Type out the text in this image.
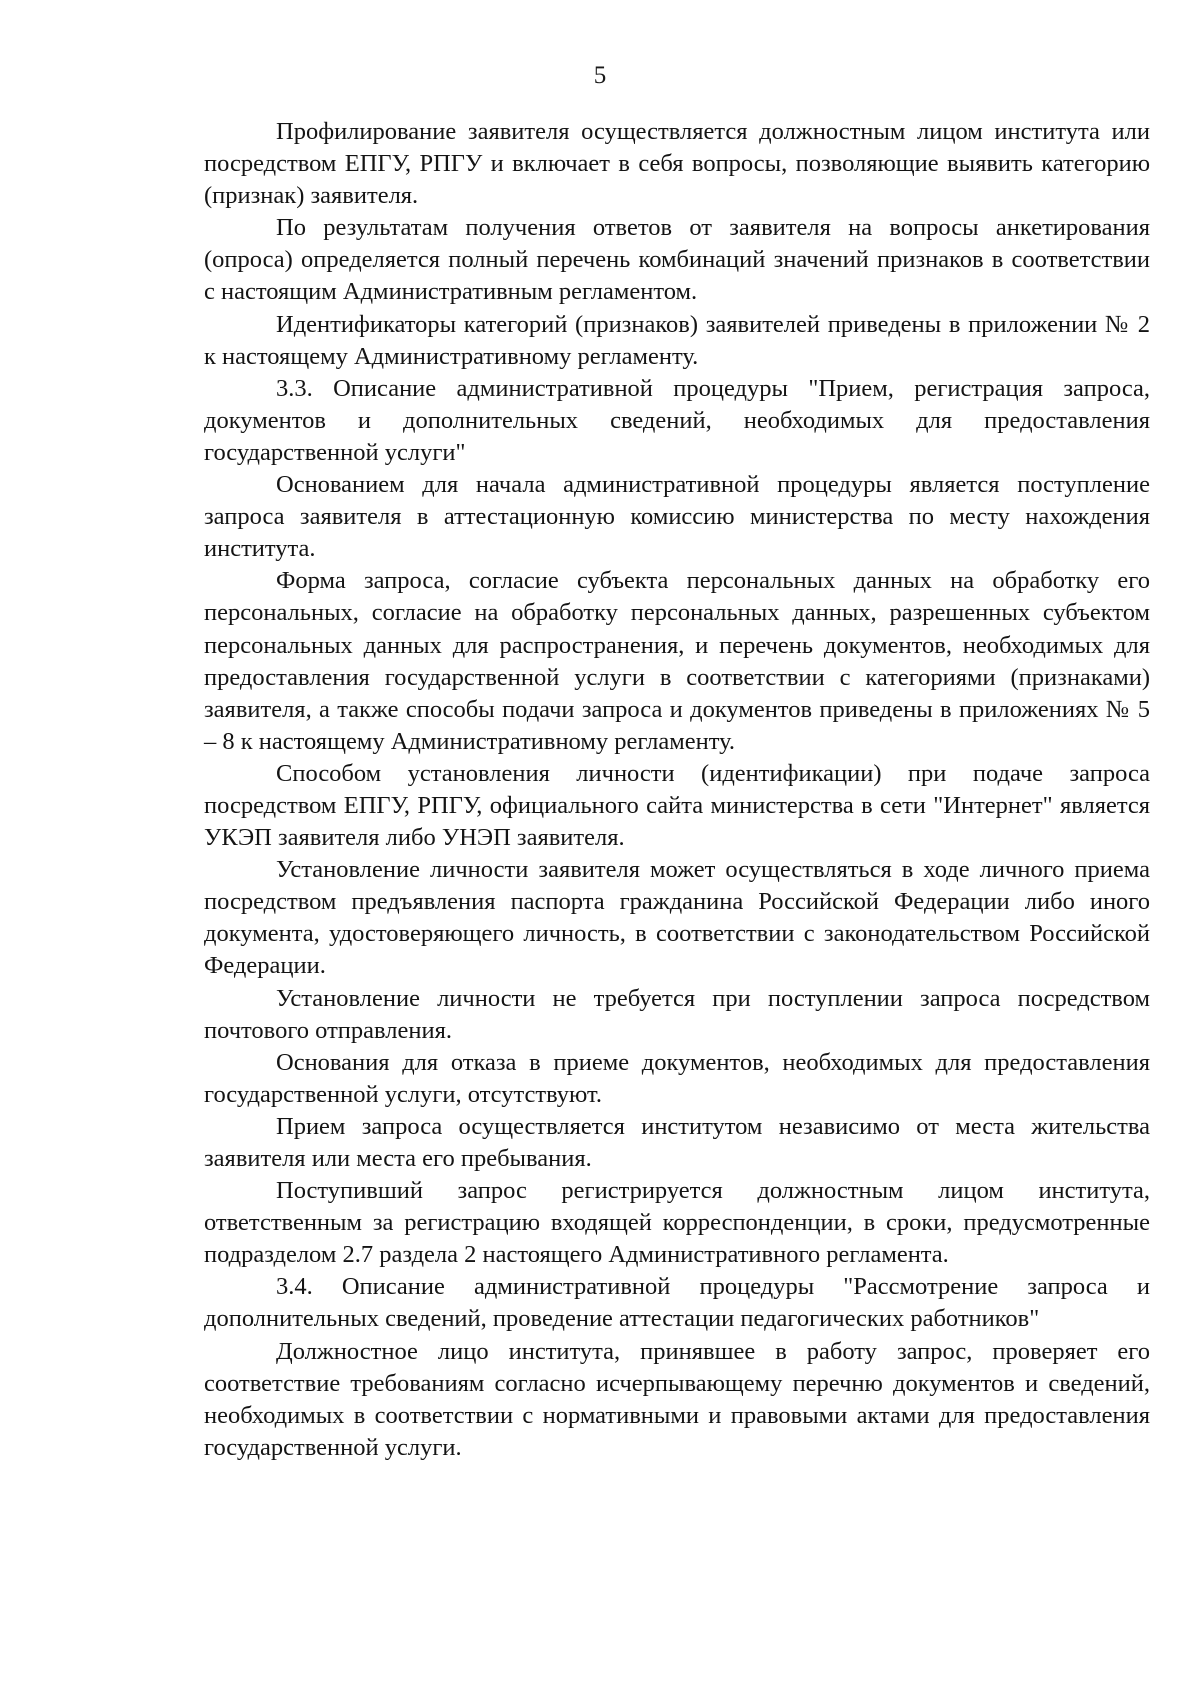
5

Профилирование заявителя осуществляется должностным лицом института или посредством ЕПГУ, РПГУ и включает в себя вопросы, позволяющие выявить категорию (признак) заявителя.

По результатам получения ответов от заявителя на вопросы анкетирования (опроса) определяется полный перечень комбинаций значений признаков в соответствии с настоящим Административным регламентом.

Идентификаторы категорий (признаков) заявителей приведены в приложении № 2 к настоящему Административному регламенту.

3.3. Описание административной процедуры "Прием, регистрация запроса, документов и дополнительных сведений, необходимых для предоставления государственной услуги"

Основанием для начала административной процедуры является поступление запроса заявителя в аттестационную комиссию министерства по месту нахождения института.

Форма запроса, согласие субъекта персональных данных на обработку его персональных, согласие на обработку персональных данных, разрешенных субъектом персональных данных для распространения, и перечень документов, необходимых для предоставления государственной услуги в соответствии с категориями (признаками) заявителя, а также способы подачи запроса и документов приведены в приложениях № 5 – 8 к настоящему Административному регламенту.

Способом установления личности (идентификации) при подаче запроса посредством ЕПГУ, РПГУ, официального сайта министерства в сети "Интернет" является УКЭП заявителя либо УНЭП заявителя.

Установление личности заявителя может осуществляться в ходе личного приема посредством предъявления паспорта гражданина Российской Федерации либо иного документа, удостоверяющего личность, в соответствии с законодательством Российской Федерации.

Установление личности не требуется при поступлении запроса посредством почтового отправления.

Основания для отказа в приеме документов, необходимых для предоставления государственной услуги, отсутствуют.

Прием запроса осуществляется институтом независимо от места жительства заявителя или места его пребывания.

Поступивший запрос регистрируется должностным лицом института, ответственным за регистрацию входящей корреспонденции, в сроки, предусмотренные подразделом 2.7 раздела 2 настоящего Административного регламента.

3.4. Описание административной процедуры "Рассмотрение запроса и дополнительных сведений, проведение аттестации педагогических работников"

Должностное лицо института, принявшее в работу запрос, проверяет его соответствие требованиям согласно исчерпывающему перечню документов и сведений, необходимых в соответствии с нормативными и правовыми актами для предоставления государственной услуги.
